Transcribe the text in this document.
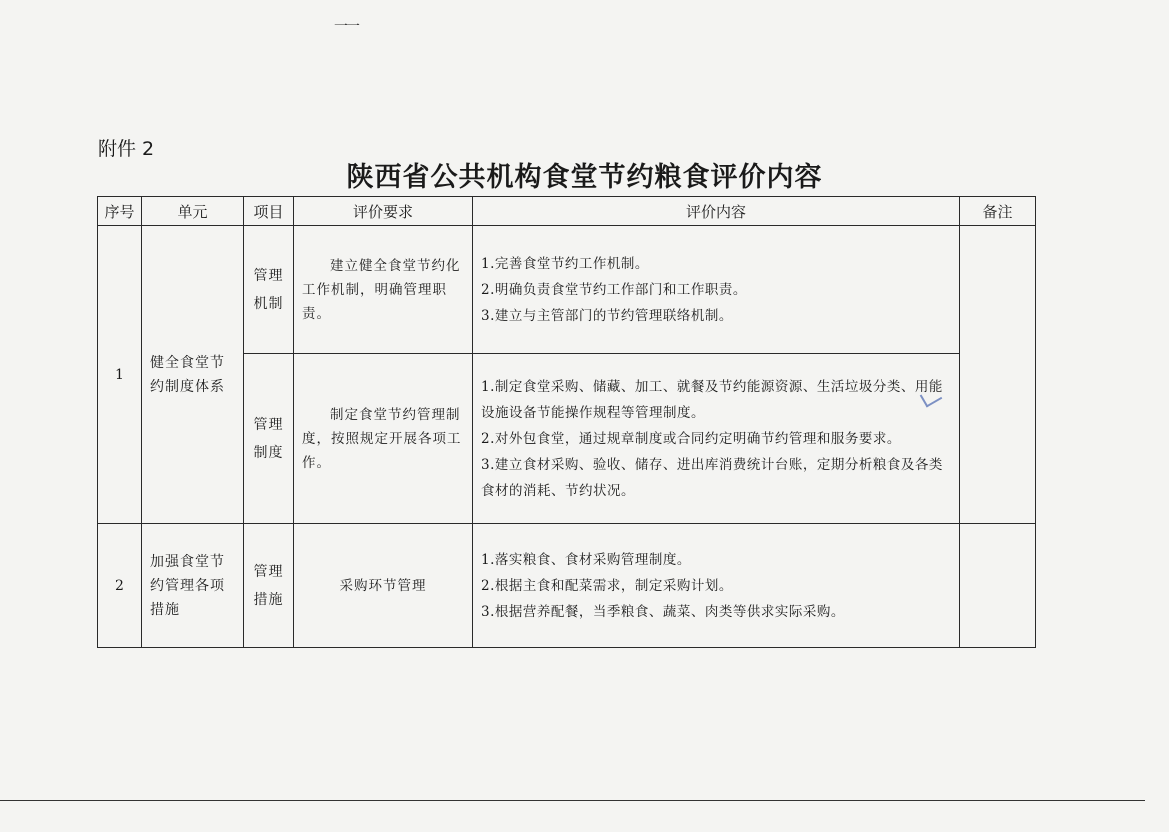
一一
附件 2
陕西省公共机构食堂节约粮食评价内容
序号	单元	项目	评价要求	评价内容	备注
1	健全食堂节约制度体系	管理机制	建立健全食堂节约化工作机制，明确管理职责。	1.完善食堂节约工作机制。
2.明确负责食堂节约工作部门和工作职责。
3.建立与主管部门的节约管理联络机制。	

		管理制度	制定食堂节约管理制度，按照规定开展各项工作。	1.制定食堂采购、储藏、加工、就餐及节约能源资源、生活垃圾分类、用能设施设备节能操作规程等管理制度。
2.对外包食堂，通过规章制度或合同约定明确节约管理和服务要求。
3.建立食材采购、验收、储存、进出库消费统计台账，定期分析粮食及各类食材的消耗、节约状况。	

2	加强食堂节约管理各项措施	管理措施	采购环节管理	1.落实粮食、食材采购管理制度。
2.根据主食和配菜需求，制定采购计划。
3.根据营养配餐，当季粮食、蔬菜、肉类等供求实际采购。	
